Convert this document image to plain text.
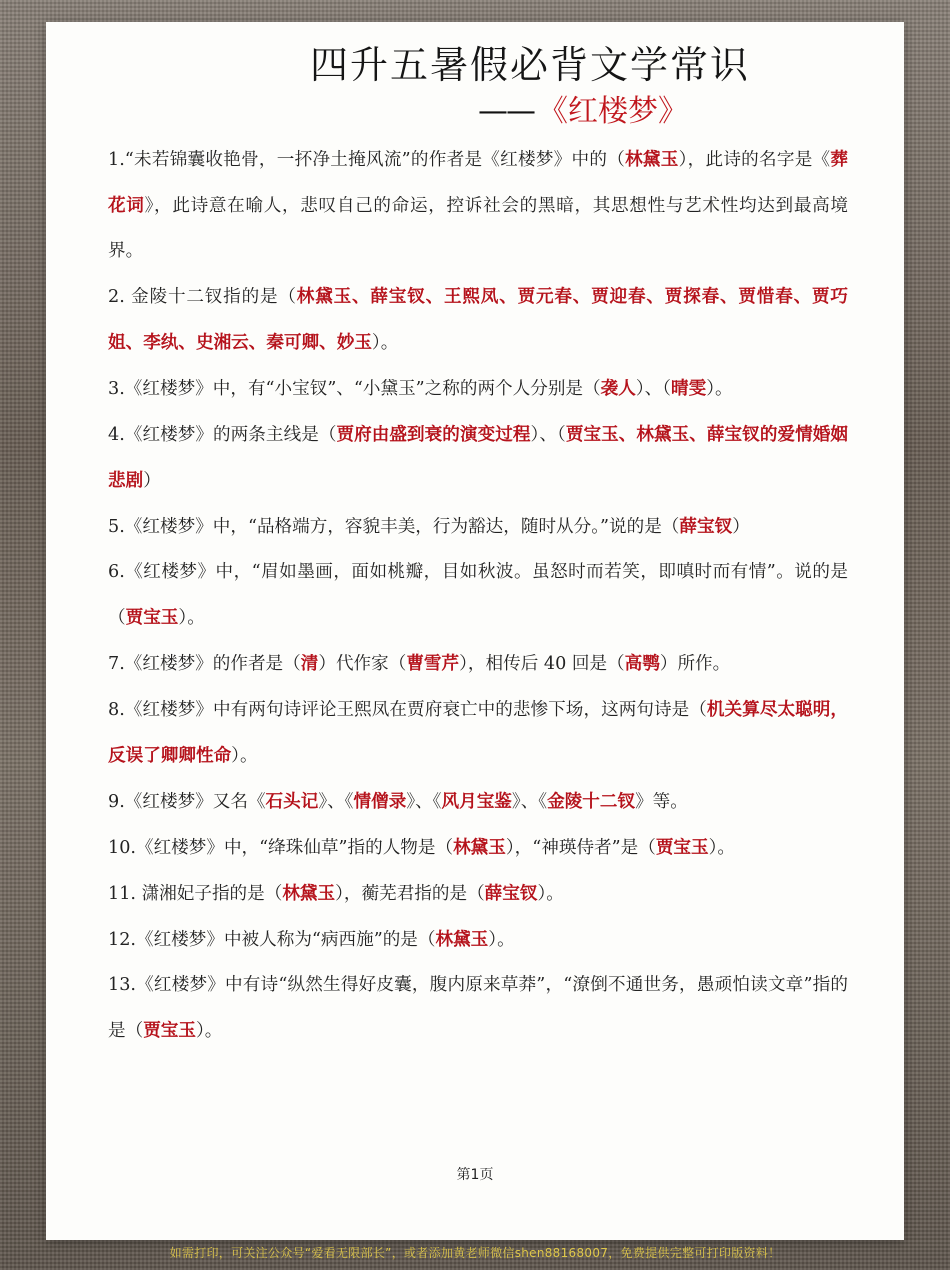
四升五暑假必背文学常识
—— 《红楼梦》

1.“未若锦囊收艳骨，一抔净土掩风流”的作者是《红楼梦》中的（林黛玉），此诗的名字是《葬花词》，此诗意在喻人，悲叹自己的命运，控诉社会的黑暗，其思想性与艺术性均达到最高境界。

2. 金陵十二钗指的是（林黛玉、薛宝钗、王熙凤、贾元春、贾迎春、贾探春、贾惜春、贾巧姐、李纨、史湘云、秦可卿、妙玉）。

3.《红楼梦》中，有“小宝钗”、“小黛玉”之称的两个人分别是（袭人）、（晴雯）。

4.《红楼梦》的两条主线是（贾府由盛到衰的演变过程）、（贾宝玉、林黛玉、薛宝钗的爱情婚姻悲剧）

5.《红楼梦》中，“品格端方，容貌丰美，行为豁达，随时从分。”说的是（薛宝钗）

6.《红楼梦》中，“眉如墨画，面如桃瓣，目如秋波。虽怒时而若笑，即嗔时而有情”。说的是（贾宝玉）。

7.《红楼梦》的作者是（清）代作家（曹雪芹），相传后 40 回是（高鹗）所作。

8.《红楼梦》中有两句诗评论王熙凤在贾府衰亡中的悲惨下场，这两句诗是（机关算尽太聪明，反误了卿卿性命）。

9.《红楼梦》又名《石头记》、《情僧录》、《风月宝鉴》、《金陵十二钗》等。

10.《红楼梦》中，“绛珠仙草”指的人物是（林黛玉），“神瑛侍者”是（贾宝玉）。

11. 潇湘妃子指的是（林黛玉），蘅芜君指的是（薛宝钗）。

12.《红楼梦》中被人称为“病西施”的是（林黛玉）。

13.《红楼梦》中有诗“纵然生得好皮囊，腹内原来草莽”，“潦倒不通世务，愚顽怕读文章”指的是（贾宝玉）。

第1页
如需打印，可关注公众号“爱看无限部长”，或者添加黄老师微信shen88168007，免费提供完整可打印版资料！
